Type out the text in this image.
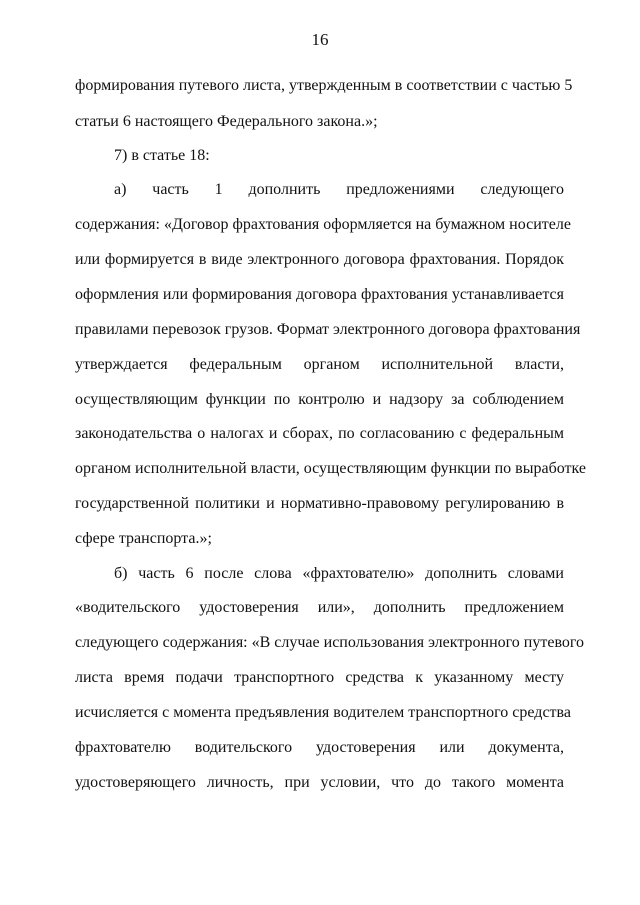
16
формирования путевого листа, утвержденным в соответствии с частью 5
статьи 6 настоящего Федерального закона.»;
7) в статье 18:
а) часть 1 дополнить предложениями следующего
содержания: «Договор фрахтования оформляется на бумажном носителе
или формируется в виде электронного договора фрахтования. Порядок
оформления или формирования договора фрахтования устанавливается
правилами перевозок грузов. Формат электронного договора фрахтования
утверждается федеральным органом исполнительной власти,
осуществляющим функции по контролю и надзору за соблюдением
законодательства о налогах и сборах, по согласованию с федеральным
органом исполнительной власти, осуществляющим функции по выработке
государственной политики и нормативно-правовому регулированию в
сфере транспорта.»;
б) часть 6 после слова «фрахтователю» дополнить словами
«водительского удостоверения или», дополнить предложением
следующего содержания: «В случае использования электронного путевого
листа время подачи транспортного средства к указанному месту
исчисляется с момента предъявления водителем транспортного средства
фрахтователю водительского удостоверения или документа,
удостоверяющего личность, при условии, что до такого момента
